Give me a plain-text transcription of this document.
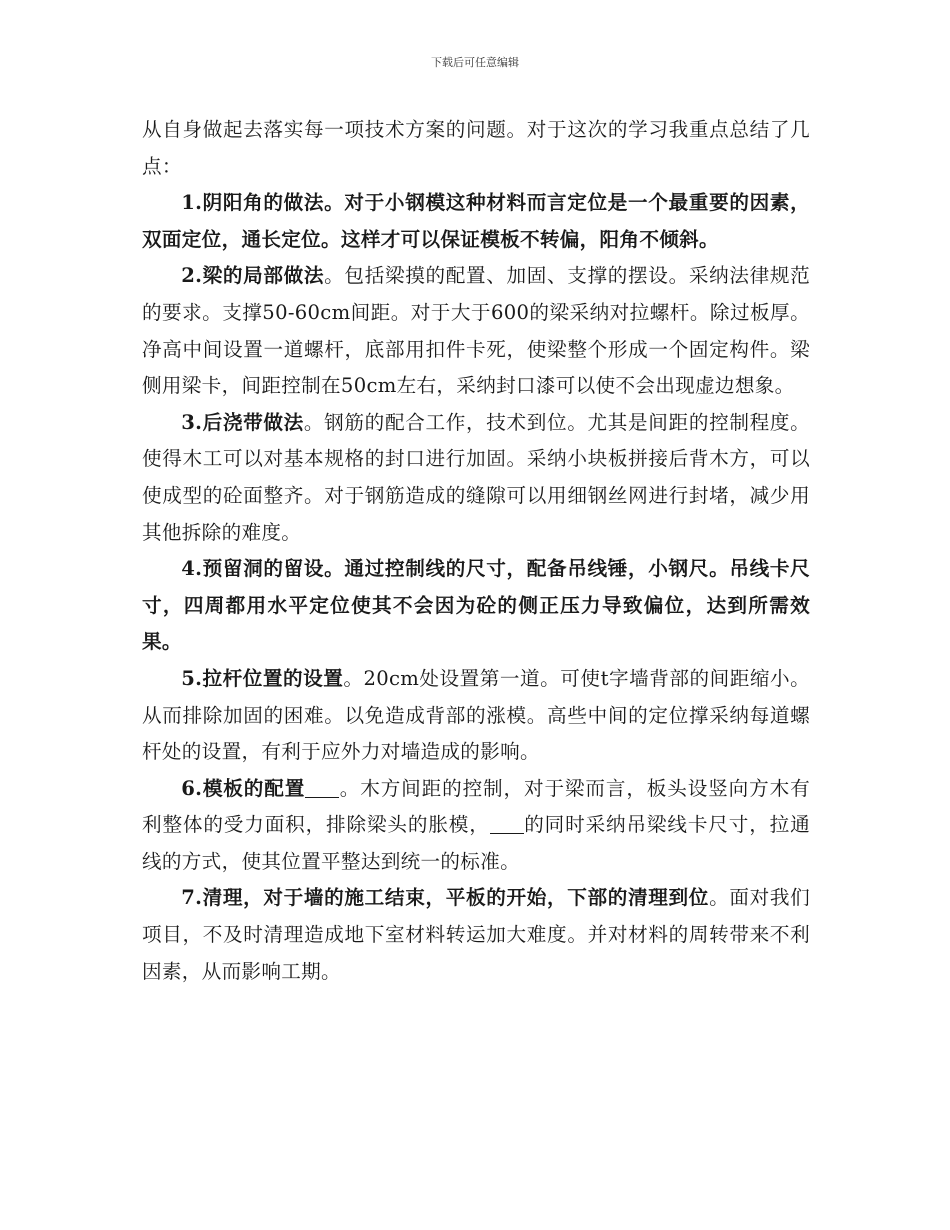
下载后可任意编辑

从自身做起去落实每一项技术方案的问题。对于这次的学习我重点总结了几点：

1.阴阳角的做法。对于小钢模这种材料而言定位是一个最重要的因素，双面定位，通长定位。这样才可以保证模板不转偏，阳角不倾斜。

2.梁的局部做法。包括梁摸的配置、加固、支撑的摆设。采纳法律规范的要求。支撑50-60cm间距。对于大于600的梁采纳对拉螺杆。除过板厚。净高中间设置一道螺杆，底部用扣件卡死，使梁整个形成一个固定构件。梁侧用梁卡，间距控制在50cm左右，采纳封口漆可以使不会出现虚边想象。

3.后浇带做法。钢筋的配合工作，技术到位。尤其是间距的控制程度。使得木工可以对基本规格的封口进行加固。采纳小块板拼接后背木方，可以使成型的砼面整齐。对于钢筋造成的缝隙可以用细钢丝网进行封堵，减少用其他拆除的难度。

4.预留洞的留设。通过控制线的尺寸，配备吊线锤，小钢尺。吊线卡尺寸，四周都用水平定位使其不会因为砼的侧正压力导致偏位，达到所需效果。

5.拉杆位置的设置。20cm处设置第一道。可使t字墙背部的间距缩小。从而排除加固的困难。以免造成背部的涨模。高些中间的定位撑采纳每道螺杆处的设置，有利于应外力对墙造成的影响。

6.模板的配置 。木方间距的控制，对于梁而言，板头设竖向方木有利整体的受力面积，排除梁头的胀模， 的同时采纳吊梁线卡尺寸，拉通线的方式，使其位置平整达到统一的标准。

7.清理，对于墙的施工结束，平板的开始，下部的清理到位。面对我们项目，不及时清理造成地下室材料转运加大难度。并对材料的周转带来不利因素，从而影响工期。
